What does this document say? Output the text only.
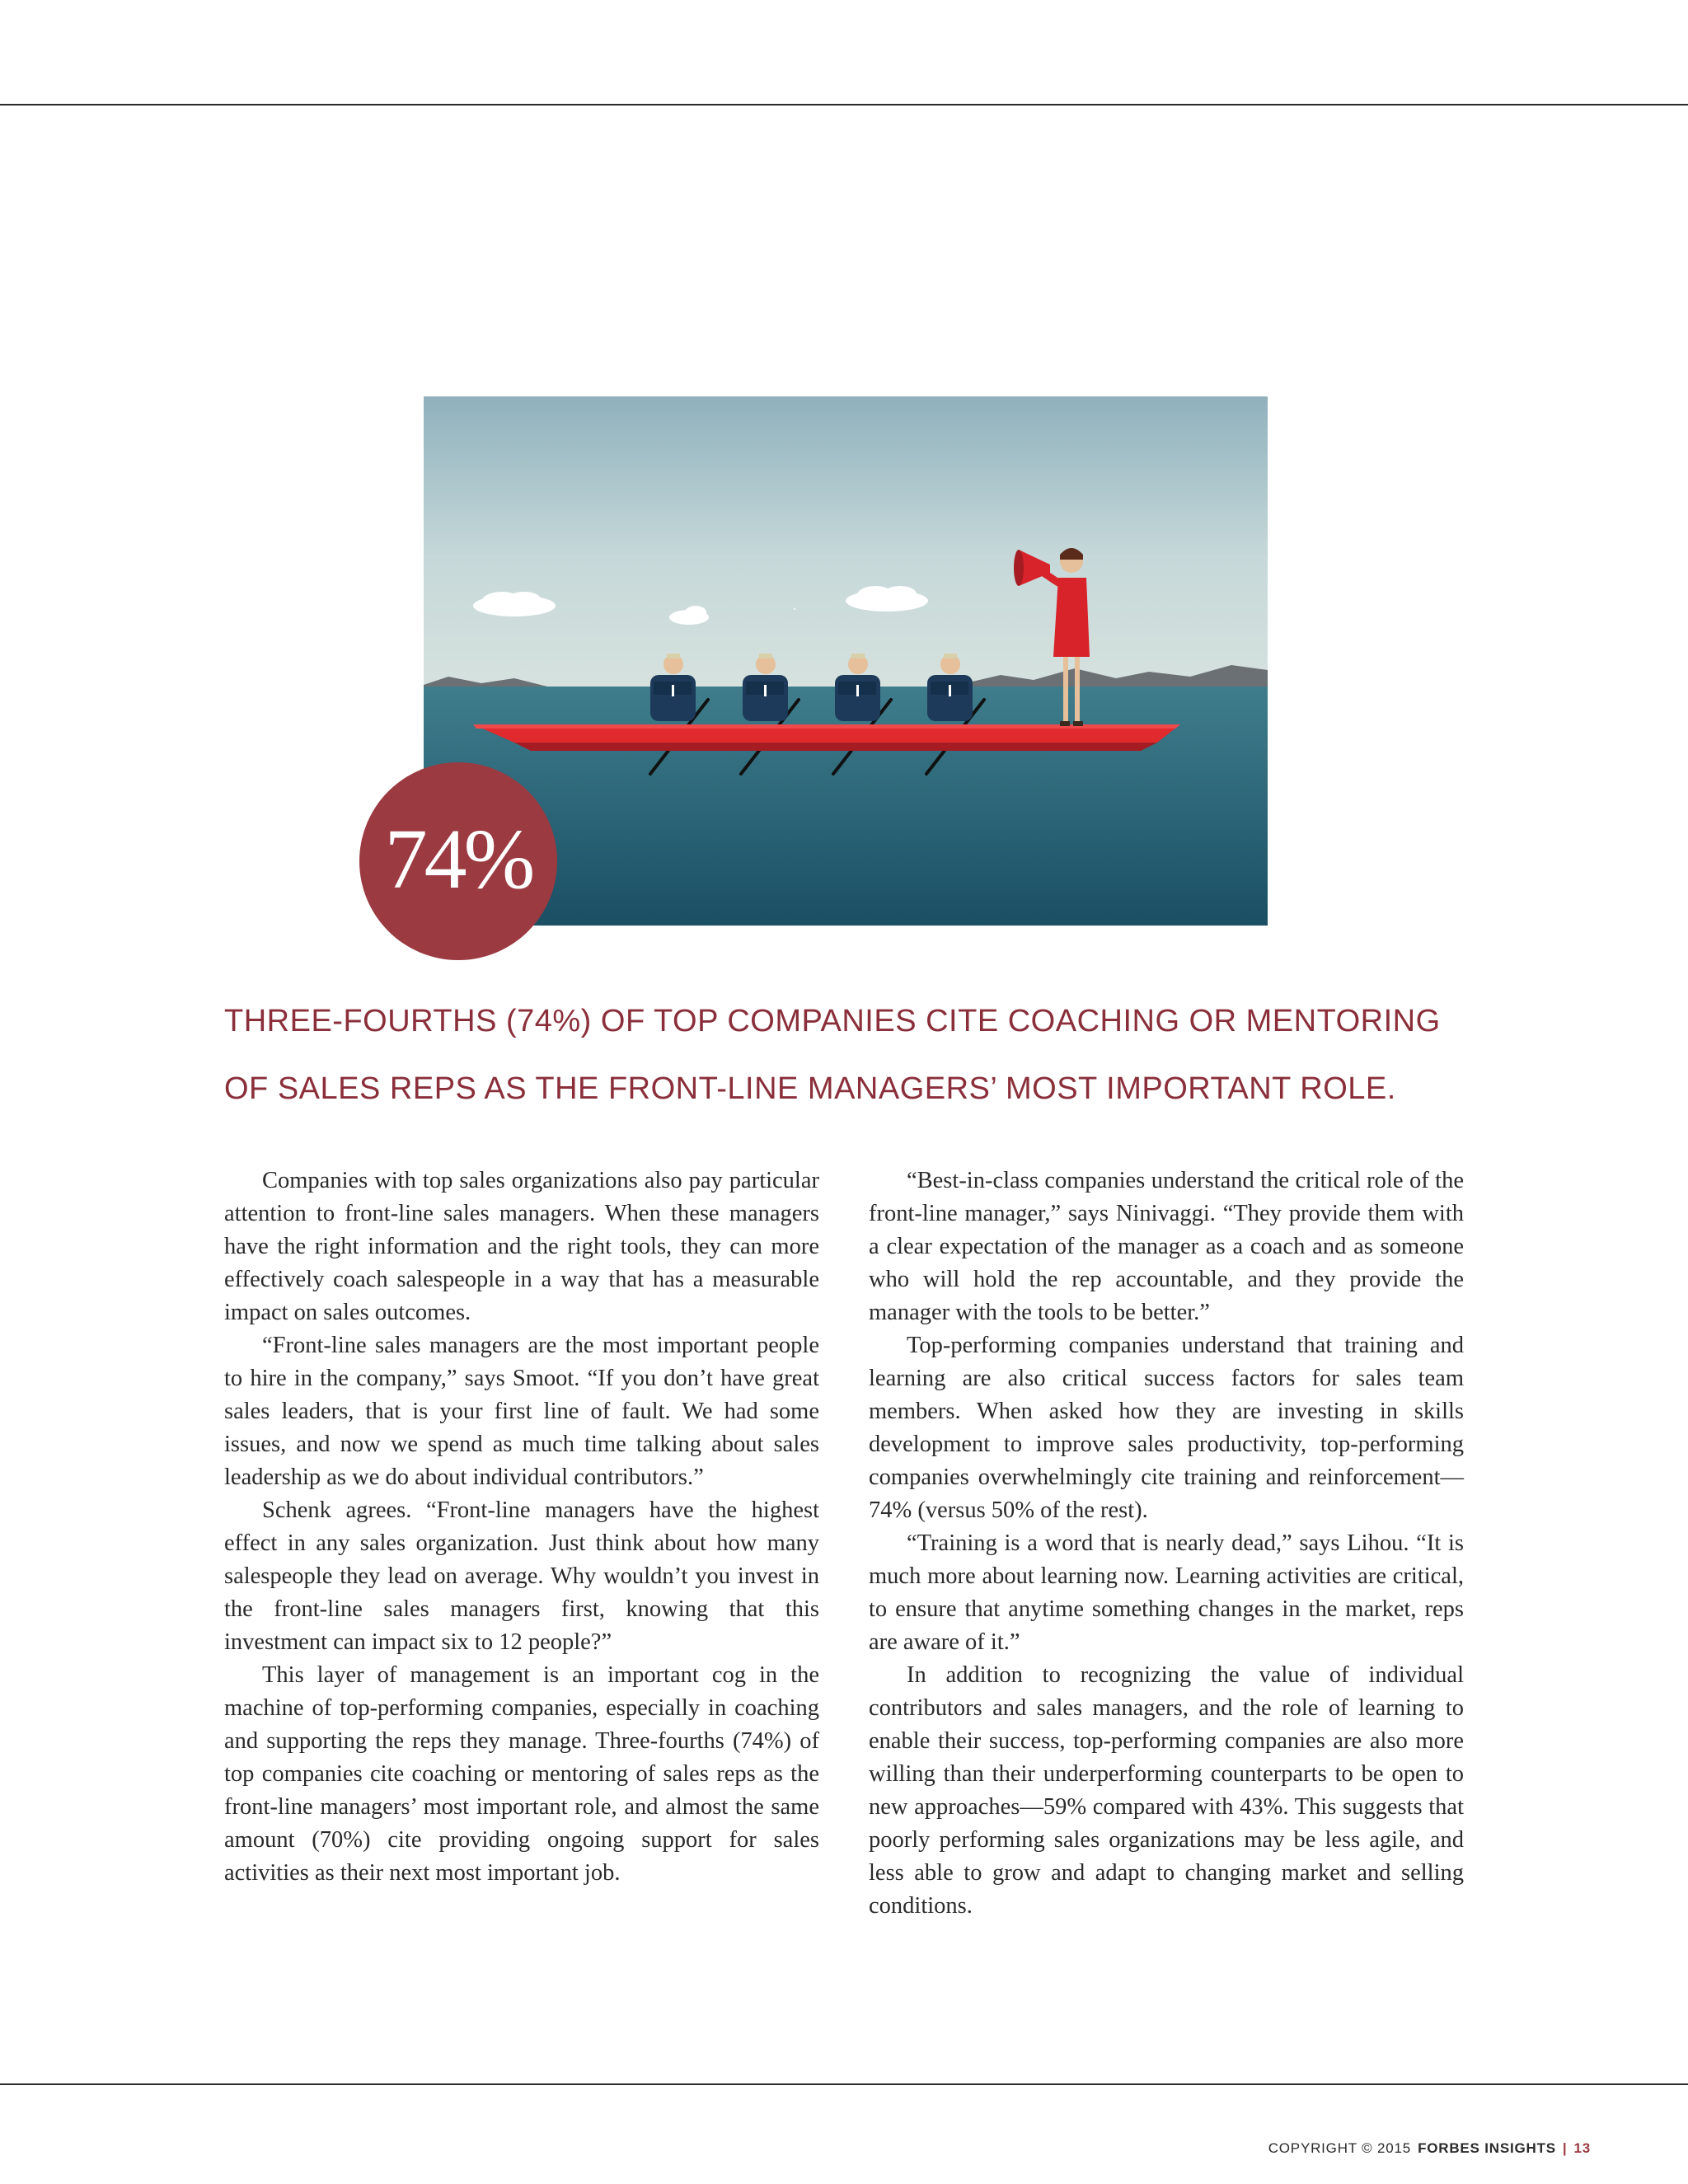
74%
THREE-FOURTHS (74%) OF TOP COMPANIES CITE COACHING OR MENTORING
OF SALES REPS AS THE FRONT-LINE MANAGERS’ MOST IMPORTANT ROLE.

Companies with top sales organizations also pay particular attention to front-line sales managers. When these managers have the right information and the right tools, they can more effectively coach salespeople in a way that has a measurable impact on sales outcomes.

“Front-line sales managers are the most important people to hire in the company,” says Smoot. “If you don’t have great sales leaders, that is your first line of fault. We had some issues, and now we spend as much time talking about sales leadership as we do about individual contributors.”

Schenk agrees. “Front-line managers have the highest effect in any sales organization. Just think about how many salespeople they lead on average. Why wouldn’t you invest in the front-line sales managers first, knowing that this investment can impact six to 12 people?”

This layer of management is an important cog in the machine of top-performing companies, especially in coaching and supporting the reps they manage. Three-fourths (74%) of top companies cite coaching or mentoring of sales reps as the front-line managers’ most important role, and almost the same amount (70%) cite providing ongoing support for sales activities as their next most important job.

“Best-in-class companies understand the critical role of the front-line manager,” says Ninivaggi. “They provide them with a clear expectation of the manager as a coach and as someone who will hold the rep accountable, and they provide the manager with the tools to be better.”

Top-performing companies understand that training and learning are also critical success factors for sales team members. When asked how they are investing in skills development to improve sales productivity, top-performing companies overwhelmingly cite training and reinforcement—74% (versus 50% of the rest).

“Training is a word that is nearly dead,” says Lihou. “It is much more about learning now. Learning activities are critical, to ensure that anytime something changes in the market, reps are aware of it.”

In addition to recognizing the value of individual contributors and sales managers, and the role of learning to enable their success, top-performing companies are also more willing than their underperforming counterparts to be open to new approaches—59% compared with 43%. This suggests that poorly performing sales organizations may be less agile, and less able to grow and adapt to changing market and selling conditions.

COPYRIGHT © 2015 FORBES INSIGHTS | 13
